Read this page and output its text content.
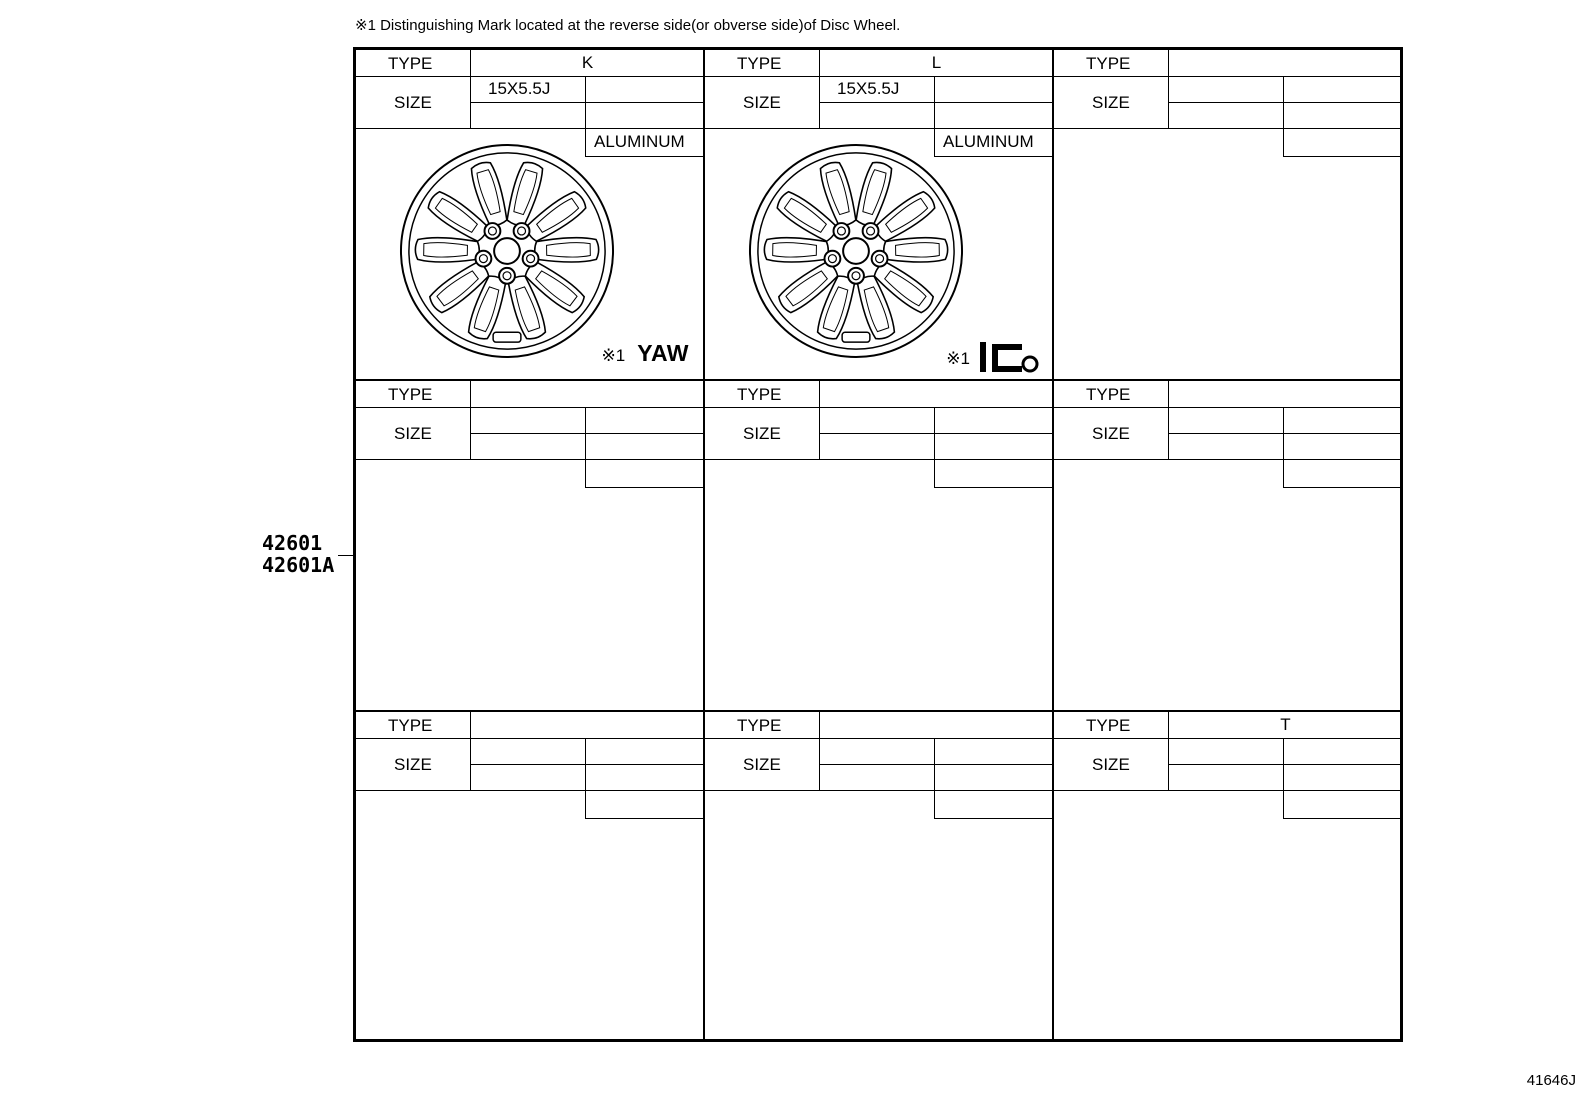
※1 Distinguishing Mark located at the reverse side(or obverse side)of Disc Wheel.
TYPE
SIZE
K
15X5.5J
ALUMINUM
※1 YAW
TYPE
SIZE
L
15X5.5J
ALUMINUM
※1
TYPE
SIZE
TYPE
SIZE
TYPE
SIZE
TYPE
SIZE
TYPE
SIZE
TYPE
SIZE
TYPE
SIZE
T
42601
42601A
41646J
